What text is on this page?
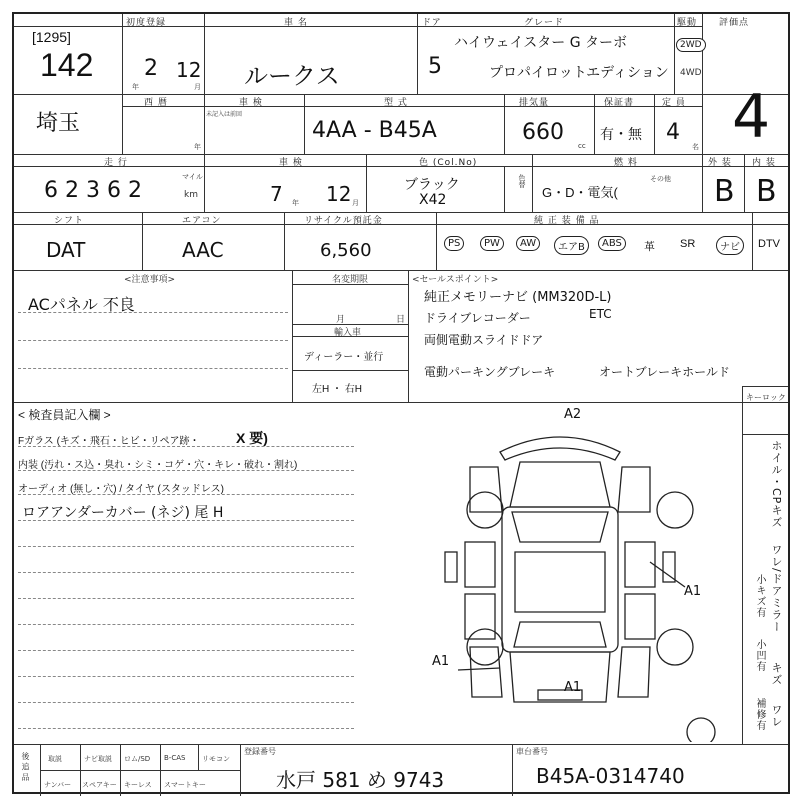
[1295]
142
初度登録
2 12
年	月
車 名
ルークス
ドア
5
グレード
ハイウェイスター G ターボ
プロパイロットエディション
駆動
2WD
4WD
評価点
4
埼玉
西 暦
年
車 検
未記入は前回
型 式
4AA - B45A
排気量
660
cc
保証書
有・無
定 員
4
名
走 行
6 2 3 6 2
マイル
km
車 検
7 年 12 月
色 (Col.No)
ブラック
X42
色替
燃 料
G・D・電気(
その他
外 装
B
内 装
B
シフト
DAT
エアコン
AAC
リサイクル預託金
6,560
純 正 装 備 品
PS	PW	AW	エアB	ABS	革 SR	ナビ	DTV
<注意事項>
ACパネル 不良
名変期限
月	日
輸入車
ディーラー・並行
左H ・ 右H
<セールスポイント>
純正メモリーナビ (MM320D-L)
ドライブレコーダー	ETC
両側電動スライドドア
電動パーキングブレーキ	オートブレーキホールド
< 検査員記入欄 >
Fガラス (キズ・飛石・ヒビ・リペア跡・	X 要)
内装 (汚れ・ス込・臭れ・シミ・コゲ・穴・キレ・破れ・割れ)
オーディオ (無し・穴) / タイヤ (スタッドレス)
ロアアンダーカバー (ネジ) 尾 H
A2
A1
A1
A1
キーロック
ホイル・CPキズ
小キズ有
小凹有
ワレ/ドアミラー
キズ
ワレ
補修有
後 追 品	取説	ナビ取説 ロム/SD B-CAS リモコン
ナンバー スペアキー キーレス スマートキー
登録番号
水戸 581 め 9743
車台番号
B45A-0314740
